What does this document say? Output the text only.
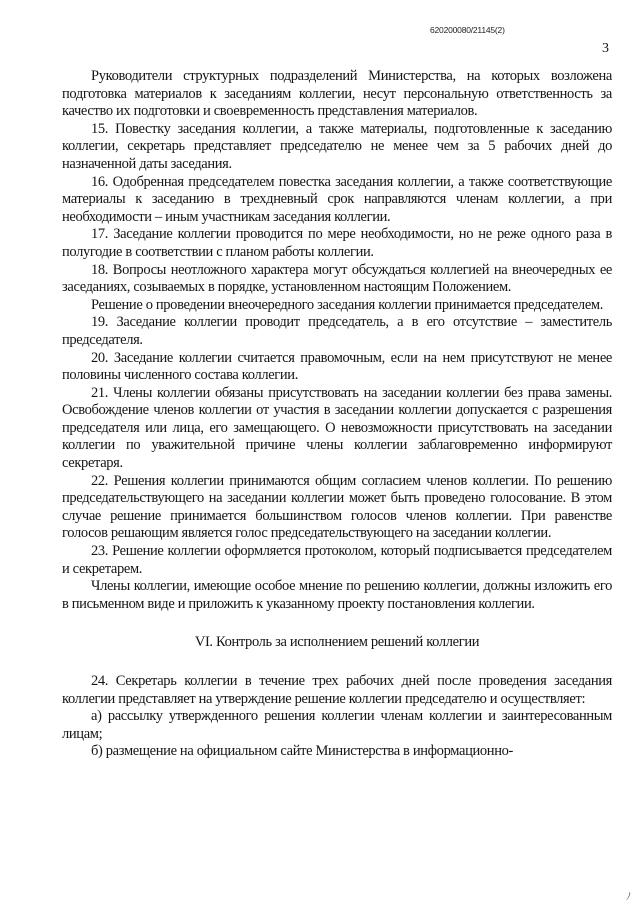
620200080/21145(2)
3

Руководители структурных подразделений Министерства, на которых возложена подготовка материалов к заседаниям коллегии, несут персональную ответственность за качество их подготовки и своевременность представления материалов.

15. Повестку заседания коллегии, а также материалы, подготовленные к заседанию коллегии, секретарь представляет председателю не менее чем за 5 рабочих дней до назначенной даты заседания.

16. Одобренная председателем повестка заседания коллегии, а также соответствующие материалы к заседанию в трехдневный срок направляются членам коллегии, а при необходимости – иным участникам заседания коллегии.

17. Заседание коллегии проводится по мере необходимости, но не реже одного раза в полугодие в соответствии с планом работы коллегии.

18. Вопросы неотложного характера могут обсуждаться коллегией на внеочередных ее заседаниях, созываемых в порядке, установленном настоящим Положением.

Решение о проведении внеочередного заседания коллегии принимается председателем.

19. Заседание коллегии проводит председатель, а в его отсутствие – заместитель председателя.

20. Заседание коллегии считается правомочным, если на нем присутствуют не менее половины численного состава коллегии.

21. Члены коллегии обязаны присутствовать на заседании коллегии без права замены. Освобождение членов коллегии от участия в заседании коллегии допускается с разрешения председателя или лица, его замещающего. О невозможности присутствовать на заседании коллегии по уважительной причине члены коллегии заблаговременно информируют секретаря.

22. Решения коллегии принимаются общим согласием членов коллегии. По решению председательствующего на заседании коллегии может быть проведено голосование. В этом случае решение принимается большинством голосов членов коллегии. При равенстве голосов решающим является голос председательствующего на заседании коллегии.

23. Решение коллегии оформляется протоколом, который подписывается председателем и секретарем.

Члены коллегии, имеющие особое мнение по решению коллегии, должны изложить его в письменном виде и приложить к указанному проекту постановления коллегии.

VI. Контроль за исполнением решений коллегии

24. Секретарь коллегии в течение трех рабочих дней после проведения заседания коллегии представляет на утверждение решение коллегии председателю и осуществляет:

а) рассылку утвержденного решения коллегии членам коллегии и заинтересованным лицам;

б) размещение на официальном сайте Министерства в информационно-

ﾉ
